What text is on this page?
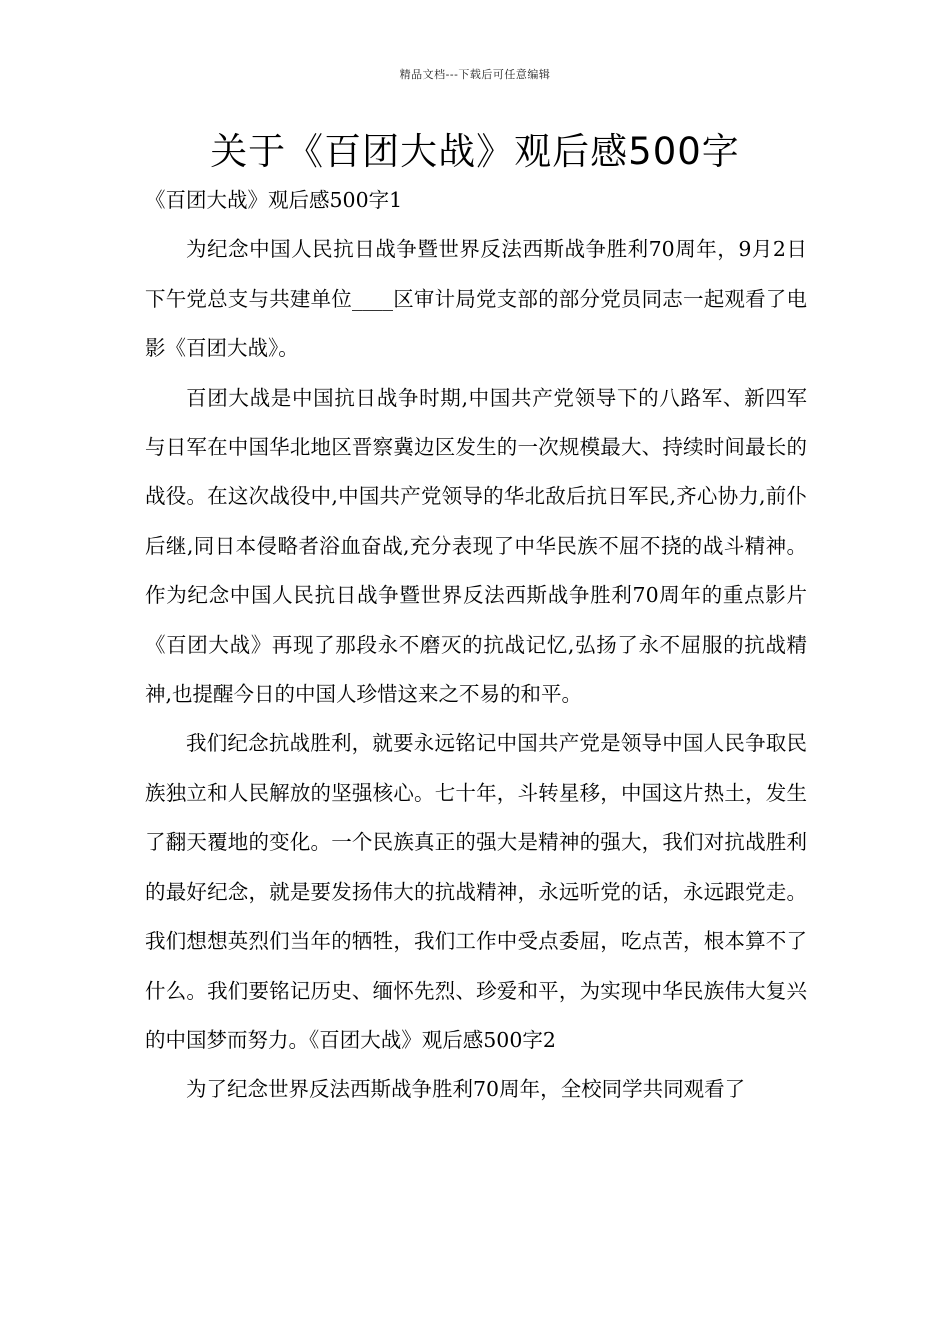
精品文档---下载后可任意编辑
关于《百团大战》观后感500字

《百团大战》观后感500字1

为纪念中国人民抗日战争暨世界反法西斯战争胜利70周年，9月2日下午党总支与共建单位____区审计局党支部的部分党员同志一起观看了电影《百团大战》。

百团大战是中国抗日战争时期,中国共产党领导下的八路军、新四军与日军在中国华北地区晋察冀边区发生的一次规模最大、持续时间最长的战役。在这次战役中,中国共产党领导的华北敌后抗日军民,齐心协力,前仆后继,同日本侵略者浴血奋战,充分表现了中华民族不屈不挠的战斗精神。作为纪念中国人民抗日战争暨世界反法西斯战争胜利70周年的重点影片《百团大战》再现了那段永不磨灭的抗战记忆,弘扬了永不屈服的抗战精神,也提醒今日的中国人珍惜这来之不易的和平。

我们纪念抗战胜利，就要永远铭记中国共产党是领导中国人民争取民族独立和人民解放的坚强核心。七十年，斗转星移，中国这片热土，发生了翻天覆地的变化。一个民族真正的强大是精神的强大，我们对抗战胜利的最好纪念，就是要发扬伟大的抗战精神，永远听党的话，永远跟党走。我们想想英烈们当年的牺牲，我们工作中受点委屈，吃点苦，根本算不了什么。我们要铭记历史、缅怀先烈、珍爱和平，为实现中华民族伟大复兴的中国梦而努力。《百团大战》观后感500字2

为了纪念世界反法西斯战争胜利70周年，全校同学共同观看了
